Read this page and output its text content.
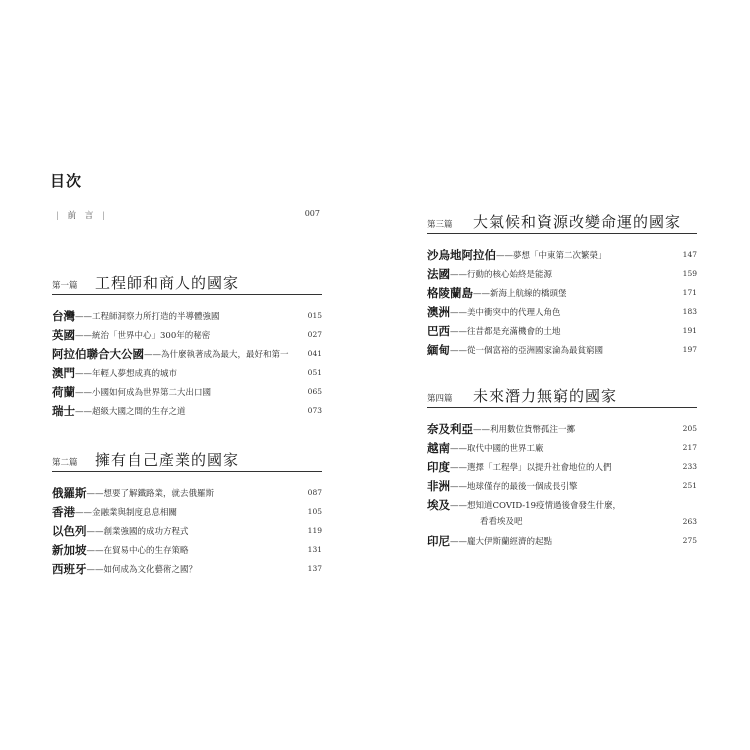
目次
| 前 言 |	007
第一篇 工程師和商人的國家
台灣 ——工程師洞察力所打造的半導體強國	015
英國 ——統治「世界中心」300年的秘密	027
阿拉伯聯合大公國 ——為什麼執著成為最大，最好和第一	041
澳門 ——年輕人夢想成真的城市	051
荷蘭 ——小國如何成為世界第二大出口國	065
瑞士 ——超級大國之間的生存之道	073
第二篇 擁有自己產業的國家
俄羅斯 ——想要了解鐵路業，就去俄羅斯	087
香港 ——金融業與制度息息相關	105
以色列 ——創業強國的成功方程式	119
新加坡 ——在貿易中心的生存策略	131
西班牙 ——如何成為文化藝術之國？	137
第三篇 大氣候和資源改變命運的國家
沙烏地阿拉伯 ——夢想「中東第二次繁榮」	147
法國 ——行動的核心始終是能源	159
格陵蘭島 ——新海上航線的橋頭堡	171
澳洲 ——美中衝突中的代理人角色	183
巴西 ——往昔都是充滿機會的土地	191
緬甸 ——從一個富裕的亞洲國家淪為最貧窮國	197
第四篇 未來潛力無窮的國家
奈及利亞 ——利用數位貨幣孤注一擲	205
越南 ——取代中國的世界工廠	217
印度 ——選擇「工程學」以提升社會地位的人們	233
非洲 ——地球僅存的最後一個成長引擎	251
埃及 ——想知道COVID-19疫情過後會發生什麼，
看看埃及吧	263
印尼 ——龐大伊斯蘭經濟的起點	275
